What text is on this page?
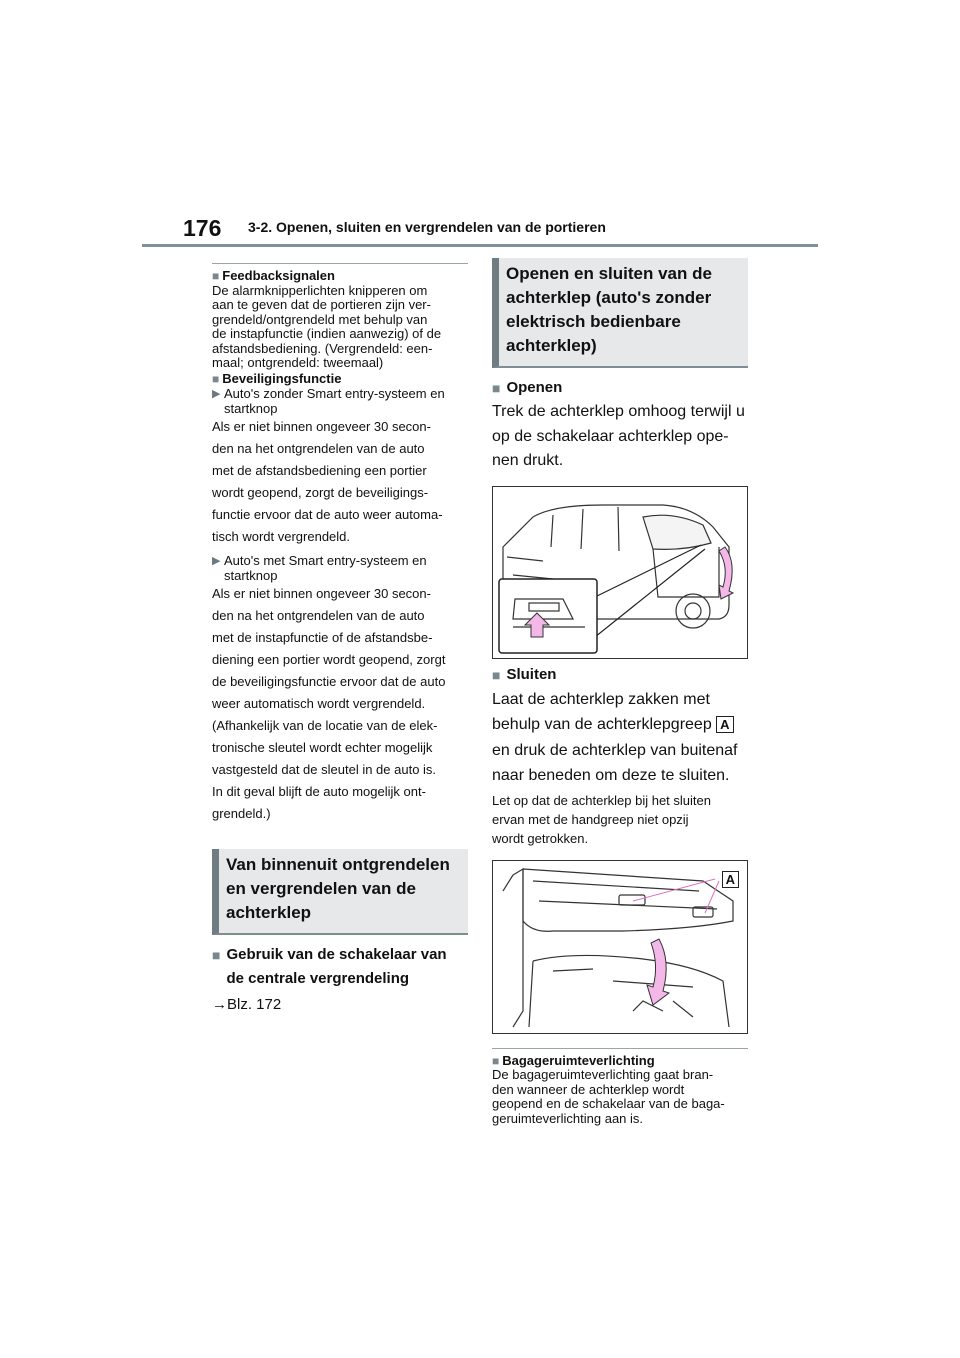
176 3-2. Openen, sluiten en vergrendelen van de portieren

■ Feedbacksignalen

De alarmknipperlichten knipperen om
aan te geven dat de portieren zijn ver-
grendeld/ontgrendeld met behulp van
de instapfunctie (indien aanwezig) of de
afstandsbediening. (Vergrendeld: een-
maal; ontgrendeld: tweemaal)

■ Beveiligingsfunctie

▶ Auto's zonder Smart entry-systeem en
startknop

Als er niet binnen ongeveer 30 secon-
den na het ontgrendelen van de auto
met de afstandsbediening een portier
wordt geopend, zorgt de beveiligings-
functie ervoor dat de auto weer automa-
tisch wordt vergrendeld.

▶ Auto's met Smart entry-systeem en
startknop

Als er niet binnen ongeveer 30 secon-
den na het ontgrendelen van de auto
met de instapfunctie of de afstandsbe-
diening een portier wordt geopend, zorgt
de beveiligingsfunctie ervoor dat de auto
weer automatisch wordt vergrendeld.
(Afhankelijk van de locatie van de elek-
tronische sleutel wordt echter mogelijk
vastgesteld dat de sleutel in de auto is.
In dit geval blijft de auto mogelijk ont-
grendeld.)

Van binnenuit ontgrendelen
en vergrendelen van de
achterklep
■ Gebruik van de schakelaar van
de centrale vergrendeling

→Blz. 172

Openen en sluiten van de
achterklep (auto's zonder
elektrisch bedienbare
achterklep)
■ Openen

Trek de achterklep omhoog terwijl u
op de schakelaar achterklep ope-
nen drukt.

■ Sluiten

Laat de achterklep zakken met
behulp van de achterklepgreep A
en druk de achterklep van buitenaf
naar beneden om deze te sluiten.

Let op dat de achterklep bij het sluiten
ervan met de handgreep niet opzij
wordt getrokken.

A

■ Bagageruimteverlichting

De bagageruimteverlichting gaat bran-
den wanneer de achterklep wordt
geopend en de schakelaar van de baga-
geruimteverlichting aan is.
